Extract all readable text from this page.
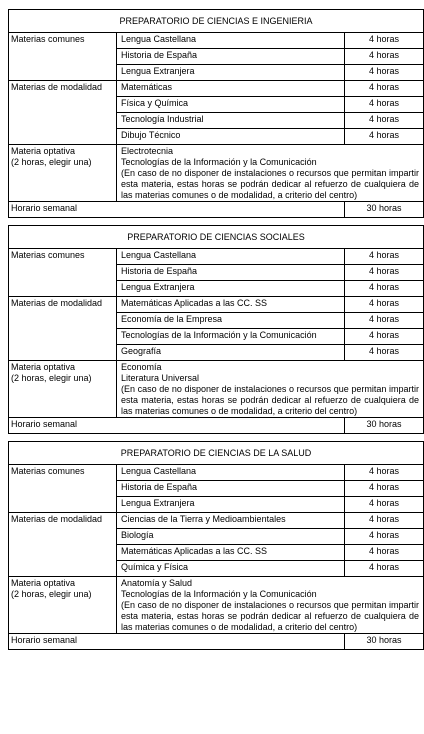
PREPARATORIO DE CIENCIAS E INGENIERIA		
Materias comunes	Lengua Castellana	4 horas
	Historia de España	4 horas
	Lengua Extranjera	4 horas
Materias de modalidad	Matemáticas	4 horas
	Física y Química	4 horas
	Tecnología Industrial	4 horas
	Dibujo Técnico	4 horas

Materia optativa
(2 horas, elegir una)	Electrotecnia
Tecnologías de la Información y la Comunicación
(En caso de no disponer de instalaciones o recursos que permitan impartir esta materia, estas horas se podrán dedicar al refuerzo de cualquiera de las materias comunes o de modalidad, a criterio del centro)	

Horario semanal		30 horas

PREPARATORIO DE CIENCIAS SOCIALES		
Materias comunes	Lengua Castellana	4 horas
	Historia de España	4 horas
	Lengua Extranjera	4 horas
Materias de modalidad	Matemáticas Aplicadas a las CC. SS	4 horas
	Economía de la Empresa	4 horas
	Tecnologías de la Información y la Comunicación	4 horas
	Geografía	4 horas

Materia optativa
(2 horas, elegir una)	Economía
Literatura Universal
(En caso de no disponer de instalaciones o recursos que permitan impartir esta materia, estas horas se podrán dedicar al refuerzo de cualquiera de las materias comunes o de modalidad, a criterio del centro)	

Horario semanal		30 horas

PREPARATORIO DE CIENCIAS DE LA SALUD		
Materias comunes	Lengua Castellana	4 horas
	Historia de España	4 horas
	Lengua Extranjera	4 horas
Materias de modalidad	Ciencias de la Tierra y Medioambientales	4 horas
	Biología	4 horas
	Matemáticas Aplicadas a las CC. SS	4 horas
	Química y Física	4 horas

Materia optativa
(2 horas, elegir una)	Anatomía y Salud
Tecnologías de la Información y la Comunicación
(En caso de no disponer de instalaciones o recursos que permitan impartir esta materia, estas horas se podrán dedicar al refuerzo de cualquiera de las materias comunes o de modalidad, a criterio del centro)	

Horario semanal		30 horas
